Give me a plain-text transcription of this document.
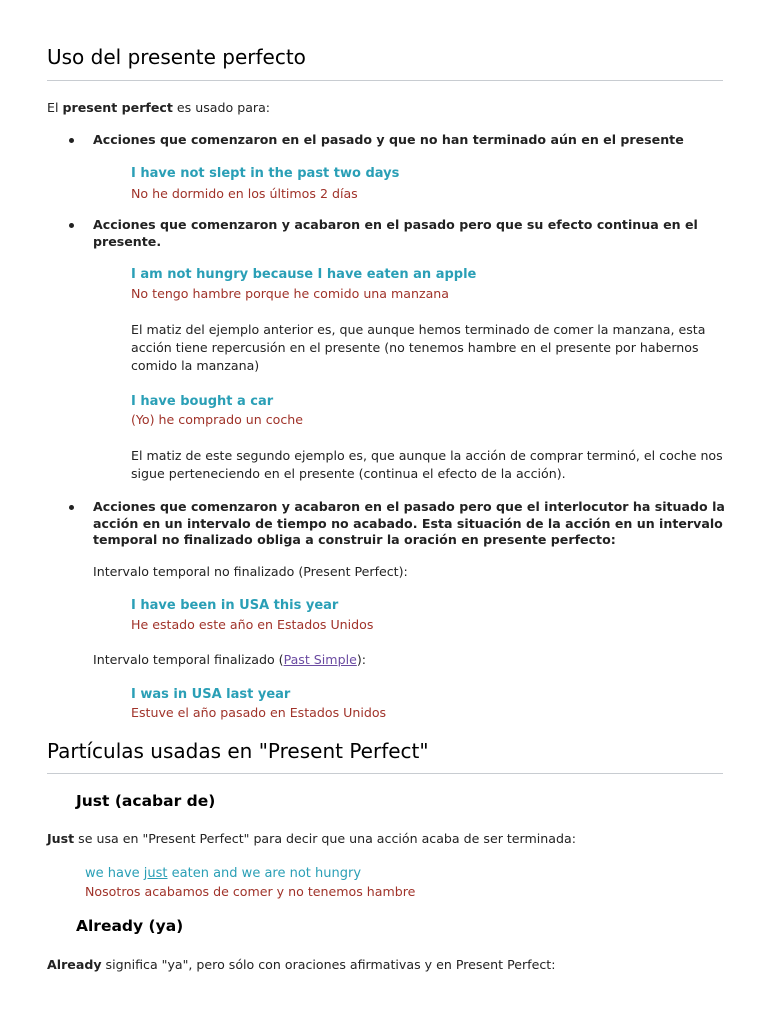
Uso del presente perfecto

El present perfect es usado para:

Acciones que comenzaron en el pasado y que no han terminado aún en el presente

I have not slept in the past two days

No he dormido en los últimos 2 días

Acciones que comenzaron y acabaron en el pasado pero que su efecto continua en el presente.

I am not hungry because I have eaten an apple

No tengo hambre porque he comido una manzana

El matiz del ejemplo anterior es, que aunque hemos terminado de comer la manzana, esta acción tiene repercusión en el presente (no tenemos hambre en el presente por habernos comido la manzana)

I have bought a car

(Yo) he comprado un coche

El matiz de este segundo ejemplo es, que aunque la acción de comprar terminó, el coche nos sigue perteneciendo en el presente (continua el efecto de la acción).

Acciones que comenzaron y acabaron en el pasado pero que el interlocutor ha situado la acción en un intervalo de tiempo no acabado. Esta situación de la acción en un intervalo temporal no finalizado obliga a construir la oración en presente perfecto:

Intervalo temporal no finalizado (Present Perfect):

I have been in USA this year

He estado este año en Estados Unidos

Intervalo temporal finalizado (Past Simple):

I was in USA last year

Estuve el año pasado en Estados Unidos

Partículas usadas en "Present Perfect"
Just (acabar de)

Just se usa en "Present Perfect" para decir que una acción acaba de ser terminada:

we have just eaten and we are not hungry

Nosotros acabamos de comer y no tenemos hambre

Already (ya)

Already significa "ya", pero sólo con oraciones afirmativas y en Present Perfect:
